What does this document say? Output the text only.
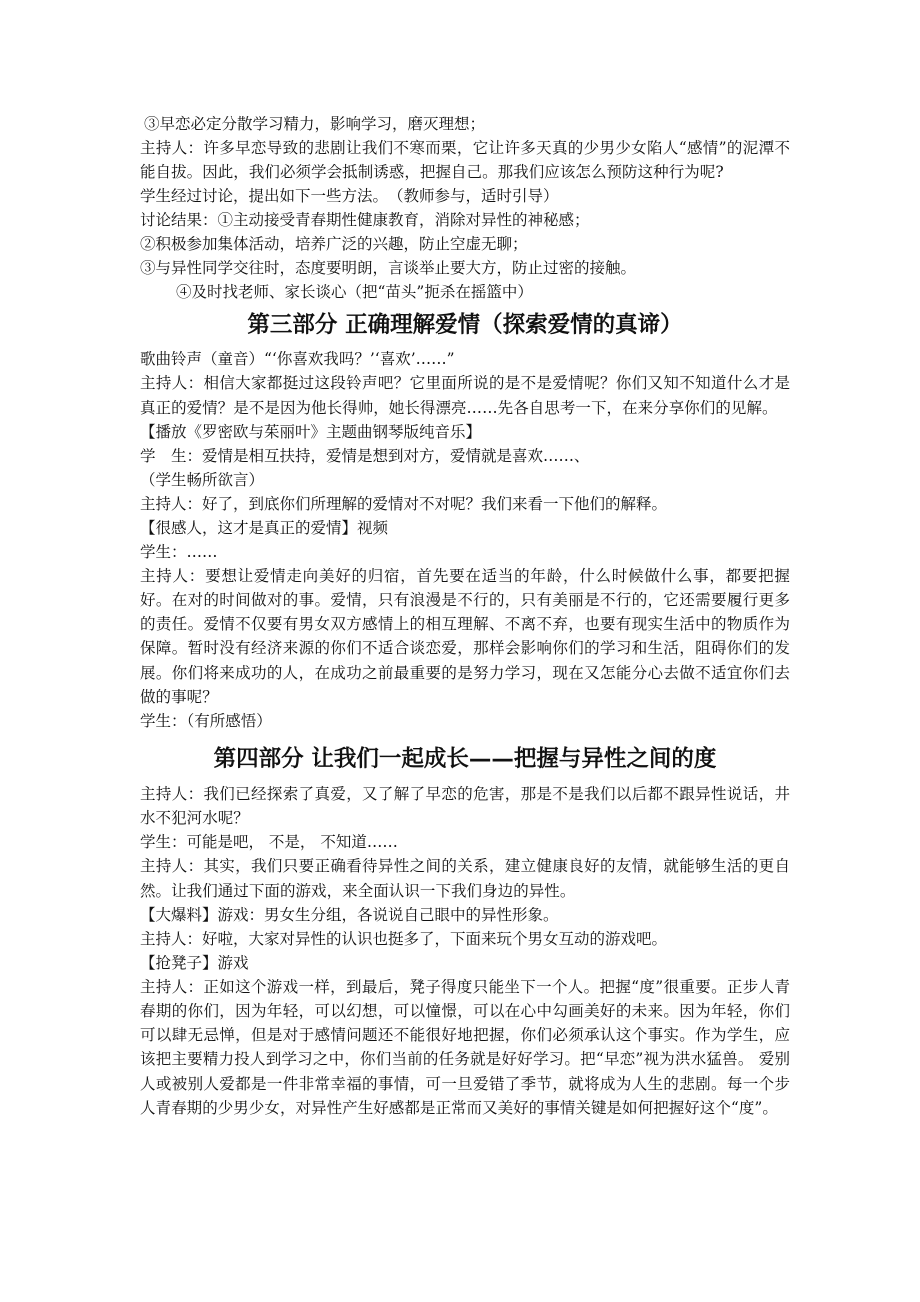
③早恋必定分散学习精力，影响学习，磨灭理想；

主持人：许多早恋导致的悲剧让我们不寒而栗，它让许多天真的少男少女陷人“感情”的泥潭不能自拔。因此，我们必须学会抵制诱惑，把握自己。那我们应该怎么预防这种行为呢?

学生经过讨论，提出如下一些方法。　（教师参与，适时引导）

讨论结果：①主动接受青春期性健康教育，消除对异性的神秘感；

②积极参加集体活动，培养广泛的兴趣，防止空虚无聊；

③与异性同学交往时，态度要明朗，言谈举止要大方，防止过密的接触。

④及时找老师、家长谈心（把“苗头”扼杀在摇篮中）

第三部分 正确理解爱情（探索爱情的真谛）

歌曲铃声（童音）“‘你喜欢我吗？’‘喜欢’……”

主持人：相信大家都挺过这段铃声吧？它里面所说的是不是爱情呢？你们又知不知道什么才是真正的爱情？是不是因为他长得帅，她长得漂亮……先各自思考一下，在来分享你们的见解。

【播放《罗密欧与茱丽叶》主题曲钢琴版纯音乐】

学　生：爱情是相互扶持，爱情是想到对方，爱情就是喜欢……、

（学生畅所欲言）

主持人：好了，到底你们所理解的爱情对不对呢？我们来看一下他们的解释。

【很感人，这才是真正的爱情】视频

学生：……

主持人：要想让爱情走向美好的归宿，首先要在适当的年龄，什么时候做什么事，都要把握好。在对的时间做对的事。爱情，只有浪漫是不行的，只有美丽是不行的，它还需要履行更多的责任。爱情不仅要有男女双方感情上的相互理解、不离不弃，也要有现实生活中的物质作为保障。暂时没有经济来源的你们不适合谈恋爱，那样会影响你们的学习和生活，阻碍你们的发展。你们将来成功的人，在成功之前最重要的是努力学习，现在又怎能分心去做不适宜你们去做的事呢？

学生：（有所感悟）

第四部分 让我们一起成长——把握与异性之间的度

主持人：我们已经探索了真爱，又了解了早恋的危害，那是不是我们以后都不跟异性说话，井水不犯河水呢？

学生：可能是吧， 不是， 不知道……

主持人：其实，我们只要正确看待异性之间的关系，建立健康良好的友情，就能够生活的更自然。让我们通过下面的游戏，来全面认识一下我们身边的异性。

【大爆料】游戏：男女生分组，各说说自己眼中的异性形象。

主持人：好啦，大家对异性的认识也挺多了，下面来玩个男女互动的游戏吧。

【抢凳子】游戏

主持人：正如这个游戏一样，到最后，凳子得度只能坐下一个人。把握“度”很重要。正步人青春期的你们，因为年轻，可以幻想，可以憧憬，可以在心中勾画美好的未来。因为年轻，你们可以肆无忌惮，但是对于感情问题还不能很好地把握，你们必须承认这个事实。作为学生，应该把主要精力投人到学习之中，你们当前的任务就是好好学习。把“早恋”视为洪水猛兽。 爱别人或被别人爱都是一件非常幸福的事情，可一旦爱错了季节，就将成为人生的悲剧。每一个步人青春期的少男少女，对异性产生好感都是正常而又美好的事情关键是如何把握好这个“度”。
